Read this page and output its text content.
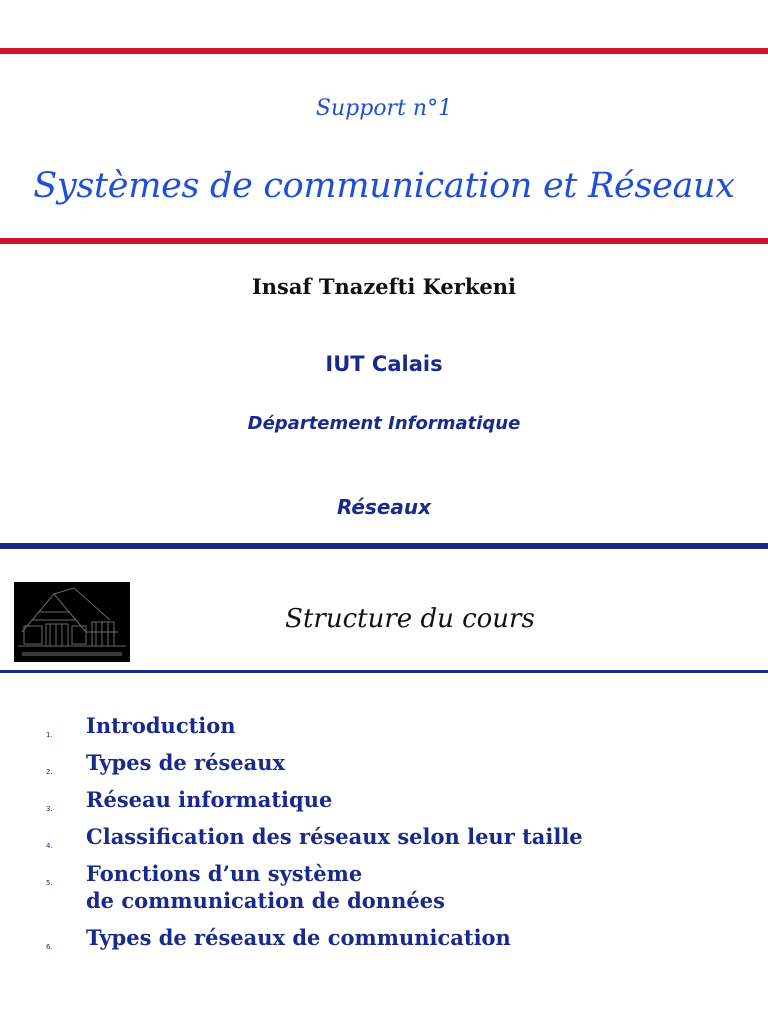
Support n°1
Systèmes de communication et Réseaux
Insaf Tnazefti Kerkeni
IUT Calais
Département Informatique
Réseaux
Structure du cours
1. Introduction
2. Types de réseaux
3. Réseau informatique
4. Classification des réseaux selon leur taille
5. Fonctions d’un système
de communication de données
6. Types de réseaux de communication
